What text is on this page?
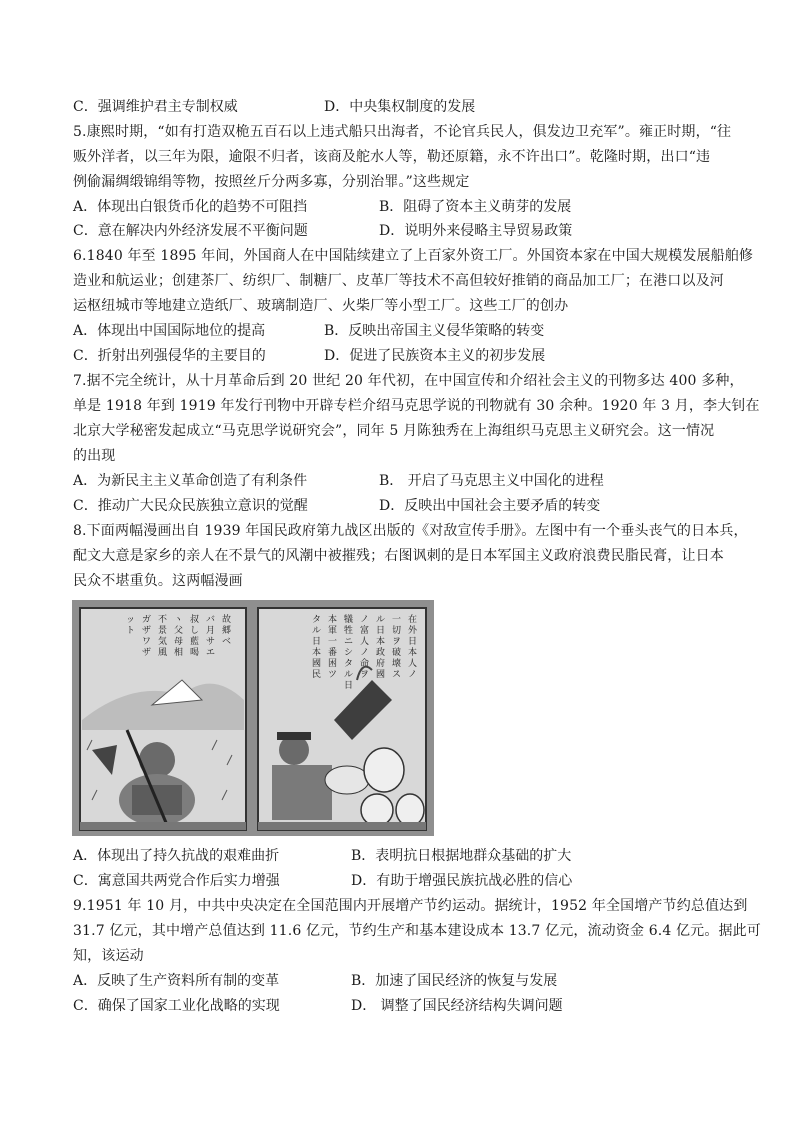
C．强调维护君主专制权威	D．中央集权制度的发展
5.康熙时期，“如有打造双桅五百石以上违式船只出海者，不论官兵民人，俱发边卫充军”。雍正时期，“往
贩外洋者，以三年为限，逾限不归者，该商及舵水人等，勒还原籍，永不许出口”。乾隆时期，出口“违
例偷漏绸缎锦绢等物，按照丝斤分两多寡，分别治罪。”这些规定
A．体现出白银货币化的趋势不可阻挡	B．阻碍了资本主义萌芽的发展
C．意在解决内外经济发展不平衡问题	D．说明外来侵略主导贸易政策
6.1840 年至 1895 年间，外国商人在中国陆续建立了上百家外资工厂。外国资本家在中国大规模发展船舶修
造业和航运业；创建茶厂、纺织厂、制糖厂、皮革厂等技术不高但较好推销的商品加工厂；在港口以及河
运枢纽城市等地建立造纸厂、玻璃制造厂、火柴厂等小型工厂。这些工厂的创办
A．体现出中国国际地位的提高	B．反映出帝国主义侵华策略的转变
C．折射出列强侵华的主要目的	D．促进了民族资本主义的初步发展
7.据不完全统计，从十月革命后到 20 世纪 20 年代初，在中国宣传和介绍社会主义的刊物多达 400 多种，
单是 1918 年到 1919 年发行刊物中开辟专栏介绍马克思学说的刊物就有 30 余种。1920 年 3 月，李大钊在
北京大学秘密发起成立“马克思学说研究会”，同年 5 月陈独秀在上海组织马克思主义研究会。这一情况
的出现
A．为新民主主义革命创造了有利条件	B． 开启了马克思主义中国化的进程
C．推动广大民众民族独立意识的觉醒	D．反映出中国社会主要矛盾的转变
8.下面两幅漫画出自 1939 年国民政府第九战区出版的《对敌宣传手册》。左图中有一个垂头丧气的日本兵，
配文大意是家乡的亲人在不景气的风潮中被摧残；右图讽刺的是日本军国主义政府浪费民脂民膏，让日本
民众不堪重负。这两幅漫画
故郷ベ
バ月サエ
叔し藍喝
ヽ父母相
不景気風
ガザワザ
ット
在外日本人ノ
一切ヲ破壊ス
ル日本政府國
ノ富人ノ命ヲ
犠牲ニシタル日
本軍一番困ツ
タル日本國民
A．体现出了持久抗战的艰难曲折	B．表明抗日根据地群众基础的扩大
C．寓意国共两党合作后实力增强	D．有助于增强民族抗战必胜的信心
9.1951 年 10 月，中共中央决定在全国范围内开展增产节约运动。据统计，1952 年全国增产节约总值达到
31.7 亿元，其中增产总值达到 11.6 亿元，节约生产和基本建设成本 13.7 亿元，流动资金 6.4 亿元。据此可
知，该运动
A．反映了生产资料所有制的变革	B．加速了国民经济的恢复与发展
C．确保了国家工业化战略的实现	D． 调整了国民经济结构失调问题
